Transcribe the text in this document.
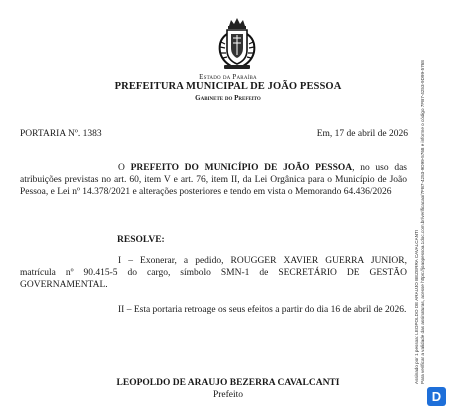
Estado da Paraíba
PREFEITURA MUNICIPAL DE JOÃO PESSOA
Gabinete do Prefeito
PORTARIA Nº. 1383	Em, 17 de abril de 2026
O PREFEITO DO MUNICÍPIO DE JOÃO PESSOA, no uso das atribuições previstas no art. 60, item V e art. 76, item II, da Lei Orgânica para o Município de João Pessoa, e Lei nº 14.378/2021 e alterações posteriores e tendo em vista o Memorando 64.436/2026
RESOLVE:
I – Exonerar, a pedido, ROUGGER XAVIER GUERRA JUNIOR, matrícula nº 90.415-5 do cargo, símbolo SMN-1 de SECRETÁRIO DE GESTÃO GOVERNAMENTAL.
II – Esta portaria retroage os seus efeitos a partir do dia 16 de abril de 2026.
LEOPOLDO DE ARAUJO BEZERRA CAVALCANTI
Prefeito
Assinado por 1 pessoa: LEOPOLDO DE ARAUJO BEZERRA CAVALCANTI Para verificar a validade das assinaturas, acesse https://joaopessoa.1doc.com.br/verificacao/7FB7-4253-9D99-5768 e informe o código 7FB7-4253-9D99-5768
D
